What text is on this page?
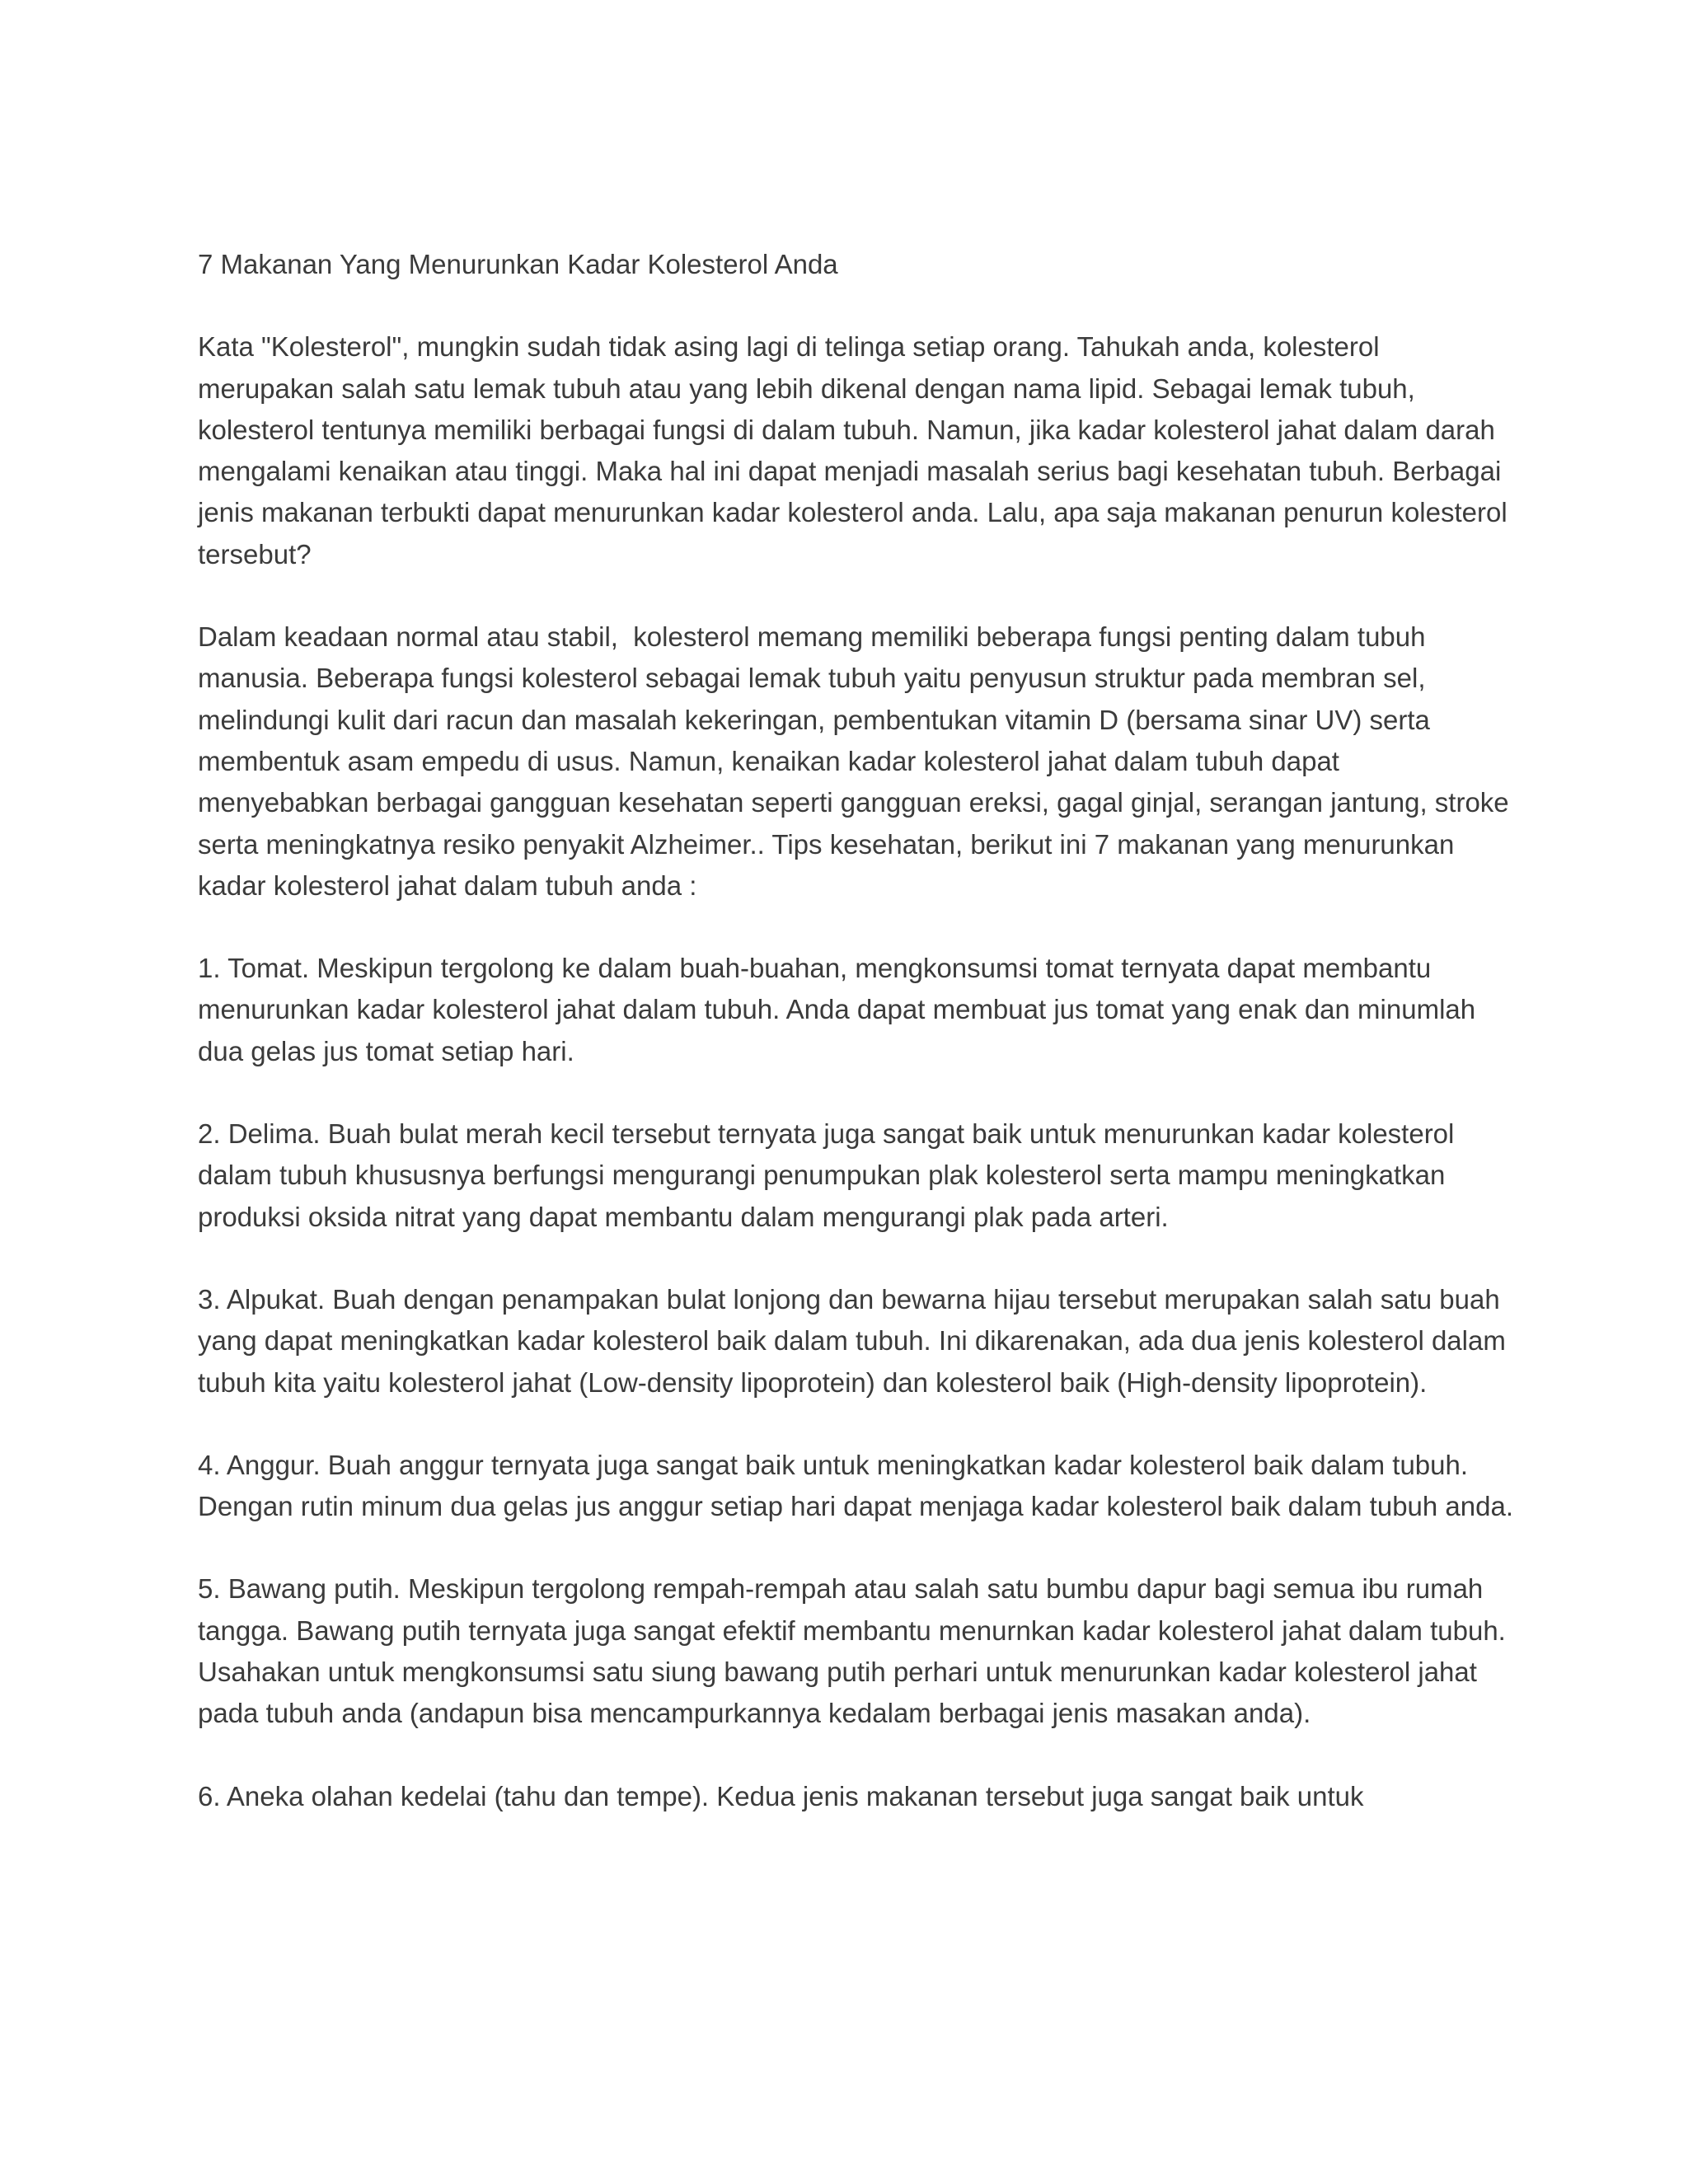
7 Makanan Yang Menurunkan Kadar Kolesterol Anda

Kata "Kolesterol", mungkin sudah tidak asing lagi di telinga setiap orang. Tahukah anda, kolesterol merupakan salah satu lemak tubuh atau yang lebih dikenal dengan nama lipid. Sebagai lemak tubuh, kolesterol tentunya memiliki berbagai fungsi di dalam tubuh. Namun, jika kadar kolesterol jahat dalam darah mengalami kenaikan atau tinggi. Maka hal ini dapat menjadi masalah serius bagi kesehatan tubuh. Berbagai jenis makanan terbukti dapat menurunkan kadar kolesterol anda. Lalu, apa saja makanan penurun kolesterol tersebut?

Dalam keadaan normal atau stabil,  kolesterol memang memiliki beberapa fungsi penting dalam tubuh manusia. Beberapa fungsi kolesterol sebagai lemak tubuh yaitu penyusun struktur pada membran sel, melindungi kulit dari racun dan masalah kekeringan, pembentukan vitamin D (bersama sinar UV) serta membentuk asam empedu di usus. Namun, kenaikan kadar kolesterol jahat dalam tubuh dapat menyebabkan berbagai gangguan kesehatan seperti gangguan ereksi, gagal ginjal, serangan jantung, stroke serta meningkatnya resiko penyakit Alzheimer.. Tips kesehatan, berikut ini 7 makanan yang menurunkan kadar kolesterol jahat dalam tubuh anda :

1. Tomat. Meskipun tergolong ke dalam buah-buahan, mengkonsumsi tomat ternyata dapat membantu menurunkan kadar kolesterol jahat dalam tubuh. Anda dapat membuat jus tomat yang enak dan minumlah dua gelas jus tomat setiap hari.

2. Delima. Buah bulat merah kecil tersebut ternyata juga sangat baik untuk menurunkan kadar kolesterol dalam tubuh khususnya berfungsi mengurangi penumpukan plak kolesterol serta mampu meningkatkan produksi oksida nitrat yang dapat membantu dalam mengurangi plak pada arteri.

3. Alpukat. Buah dengan penampakan bulat lonjong dan bewarna hijau tersebut merupakan salah satu buah yang dapat meningkatkan kadar kolesterol baik dalam tubuh. Ini dikarenakan, ada dua jenis kolesterol dalam tubuh kita yaitu kolesterol jahat (Low-density lipoprotein) dan kolesterol baik (High-density lipoprotein).

4. Anggur. Buah anggur ternyata juga sangat baik untuk meningkatkan kadar kolesterol baik dalam tubuh. Dengan rutin minum dua gelas jus anggur setiap hari dapat menjaga kadar kolesterol baik dalam tubuh anda.

5. Bawang putih. Meskipun tergolong rempah-rempah atau salah satu bumbu dapur bagi semua ibu rumah tangga. Bawang putih ternyata juga sangat efektif membantu menurnkan kadar kolesterol jahat dalam tubuh. Usahakan untuk mengkonsumsi satu siung bawang putih perhari untuk menurunkan kadar kolesterol jahat pada tubuh anda (andapun bisa mencampurkannya kedalam berbagai jenis masakan anda).

6. Aneka olahan kedelai (tahu dan tempe). Kedua jenis makanan tersebut juga sangat baik untuk
